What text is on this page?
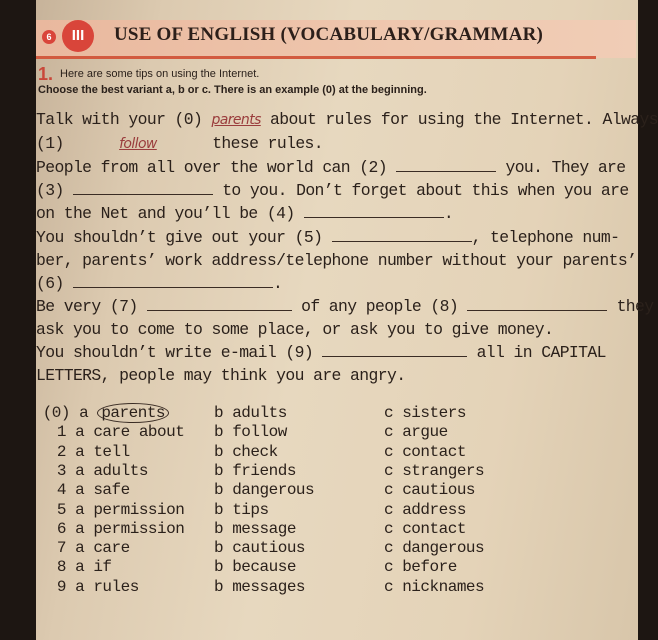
6	III	USE OF ENGLISH (VOCABULARY/GRAMMAR)
1. Here are some tips on using the Internet.
Choose the best variant a, b or c. There is an example (0) at the beginning.
Talk with your (0) parents about rules for using the Internet. Always
(1)	follow	these rules.
People from all over the world can (2)	you. They are
(3)	to you. Don’t forget about this when you are
on the Net and you’ll be (4)	.
You shouldn’t give out your (5)	, telephone num-
ber, parents’ work address/telephone number without your parents’
(6)	.
Be very (7)	of any people (8)	they
ask you to come to some place, or ask you to give money.
You shouldn’t write e-mail (9)	all in CAPITAL
LETTERS, people may think you are angry.
(0) a parents	b adults	c sisters
1 a care about b follow	c argue
2 a tell	b check	c contact
3 a adults	b friends	c strangers
4 a safe	b dangerous	c cautious
5 a permission b tips	c address
6 a permission b message	c contact
7 a care	b cautious	c dangerous
8 a if	b because	c before
9 a rules	b messages	c nicknames
